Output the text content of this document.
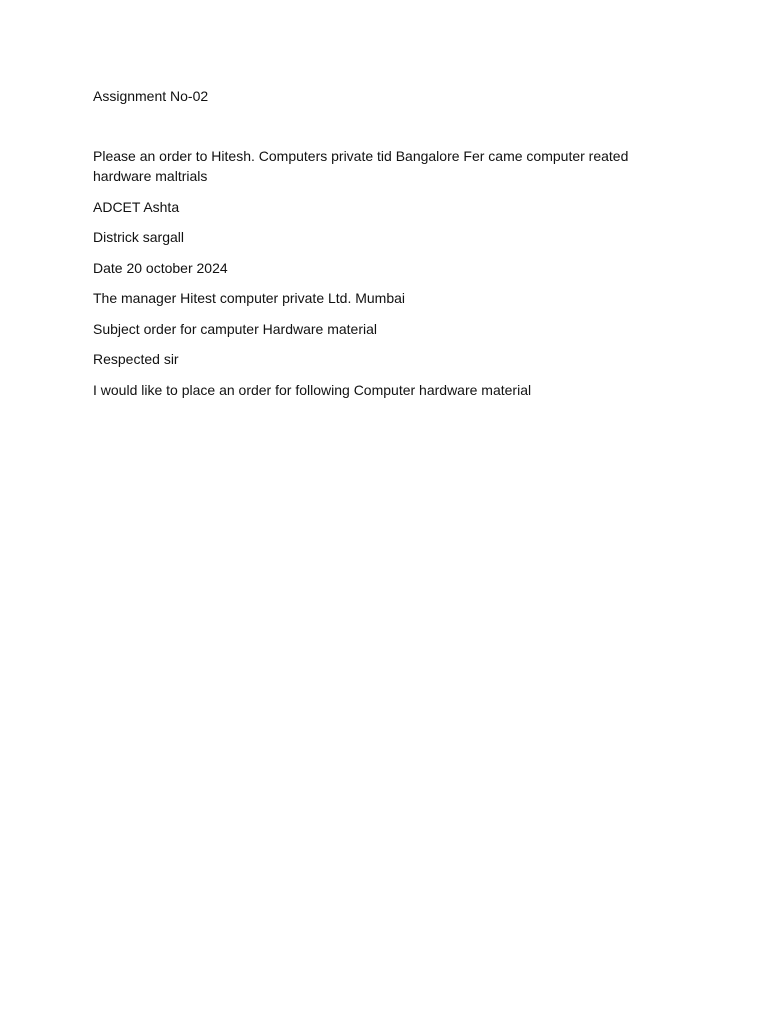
Assignment No-02

Please an order to Hitesh. Computers private tid Bangalore Fer came computer reated hardware maltrials

ADCET Ashta

Districk sargall

Date 20 october 2024

The manager Hitest computer private Ltd. Mumbai

Subject order for camputer Hardware material

Respected sir

I would like to place an order for following Computer hardware material
